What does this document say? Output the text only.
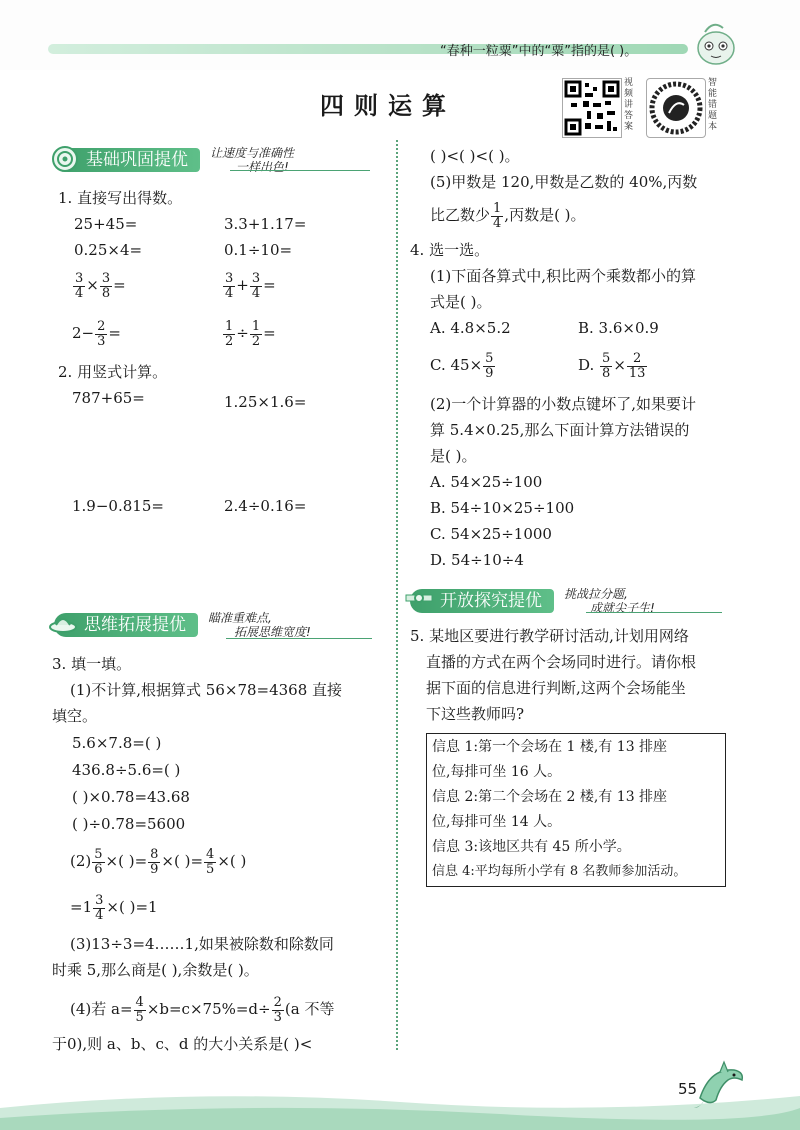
“春种一粒粟”中的“粟”指的是( )。
四则运算
视频讲答案
智能错题本
基础巩固提优	让速度与准确性
一样出色!
1. 直接写出得数。
25+45=	3.3+1.17=
0.25×4=	0.1÷10=
$\frac{3}{4} \times \frac{3}{8}$ =	$\frac{3}{4} + \frac{3}{4}$ =
$2- \frac{2}{3}$ =	$\frac{1}{2} \div \frac{1}{2}$ =
2. 用竖式计算。
787+65=	1.25×1.6=
1.9−0.815=	2.4÷0.16=
思维拓展提优	瞄准重难点,
拓展思维宽度!
3. 填一填。
(1)不计算,根据算式 56×78=4368 直接
填空。
5.6×7.8=( )
436.8÷5.6=( )
( )×0.78=43.68
( )÷0.78=5600
$(2) \frac{5}{6}$ ×( )= $\frac{8}{9}$ ×( )= $\frac{4}{5}$ ×( )
$=1 \frac{3}{4}$ ×( )=1
(3)13÷3=4……1,如果被除数和除数同
时乘 5,那么商是( ),余数是( )。
(4)若 $a= \frac{4}{5} \times b=c\times 75\%=d\div \frac{2}{3} (a$ 不等
于0),则 a、b、c、d 的大小关系是( )<
( )<( )<( )。
(5)甲数是 120,甲数是乙数的 40%,丙数
比乙数少 $\frac{1}{4}$ ,丙数是( )。
4. 选一选。
(1)下面各算式中,积比两个乘数都小的算
式是( )。
A. 4.8×5.2	B. 3.6×0.9
C. $45\times \frac{5}{9}$	D. $\frac{5}{8} \times \frac{2}{13}$
(2)一个计算器的小数点键坏了,如果要计
算 5.4×0.25,那么下面计算方法错误的
是( )。
A. 54×25÷100
B. 54÷10×25÷100
C. 54×25÷1000
D. 54÷10÷4
开放探究提优	挑战拉分题,
成就尖子生!
5. 某地区要进行教学研讨活动,计划用网络
直播的方式在两个会场同时进行。请你根
据下面的信息进行判断,这两个会场能坐
下这些教师吗?
信息 1:第一个会场在 1 楼,有 13 排座
位,每排可坐 16 人。
信息 2:第二个会场在 2 楼,有 13 排座
位,每排可坐 14 人。
信息 3:该地区共有 45 所小学。
信息 4:平均每所小学有 8 名教师参加活动。
55
